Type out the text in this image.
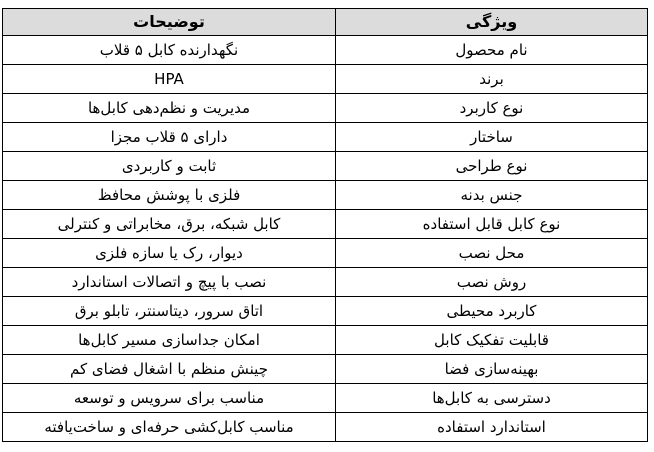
توضیحات	ویژگی
نگهدارنده کابل ۵ قلاب	نام محصول
HPA	برند
مدیریت و نظم‌دهی کابل‌ها	نوع کاربرد
دارای ۵ قلاب مجزا	ساختار
ثابت و کاربردی	نوع طراحی
فلزی با پوشش محافظ	جنس بدنه
کابل شبکه، برق، مخابراتی و کنترلی	نوع کابل قابل استفاده
دیوار، رک یا سازه فلزی	محل نصب
نصب با پیچ و اتصالات استاندارد	روش نصب
اتاق سرور، دیتاسنتر، تابلو برق	کاربرد محیطی
امکان جداسازی مسیر کابل‌ها	قابلیت تفکیک کابل
چینش منظم با اشغال فضای کم	بهینه‌سازی فضا
مناسب برای سرویس و توسعه	دسترسی به کابل‌ها
مناسب کابل‌کشی حرفه‌ای و ساخت‌یافته	استاندارد استفاده
